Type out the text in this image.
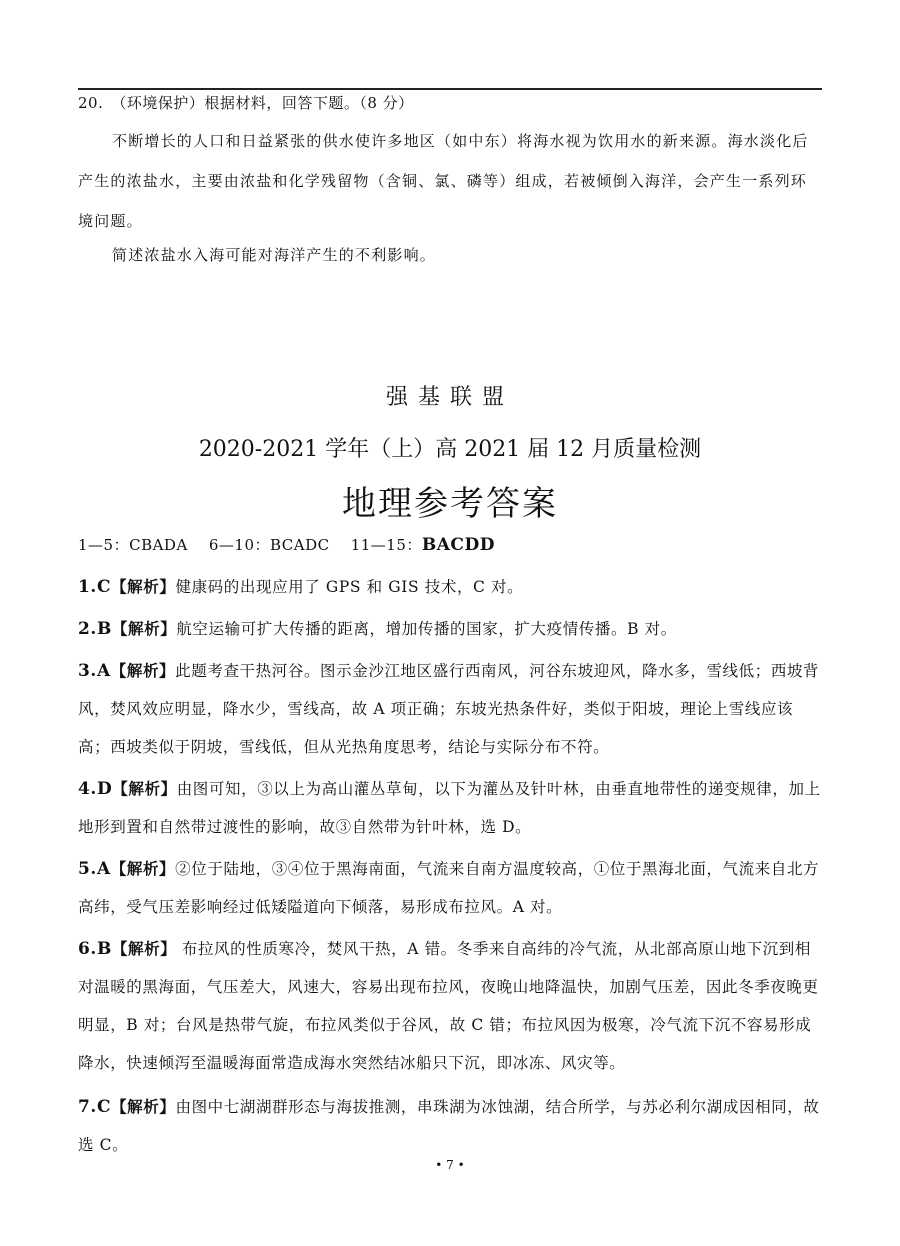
20.　（环境保护）根据材料，回答下题。（8 分）
不断增长的人口和日益紧张的供水使许多地区（如中东）将海水视为饮用水的新来源。海水淡化后产生的浓盐水，主要由浓盐和化学残留物（含铜、氯、磷等）组成，若被倾倒入海洋，会产生一系列环境问题。
简述浓盐水入海可能对海洋产生的不利影响。
强基联盟
2020-2021 学年（上）高 2021 届 12 月质量检测
地理参考答案
1—5：CBADA 6—10：BCADC 11—15：BACDD
1.C【解析】健康码的出现应用了 GPS 和 GIS 技术，C 对。
2.B【解析】航空运输可扩大传播的距离，增加传播的国家，扩大疫情传播。B 对。
3.A【解析】此题考查干热河谷。图示金沙江地区盛行西南风，河谷东坡迎风，降水多，雪线低；西坡背风，焚风效应明显，降水少，雪线高，故 A 项正确；东坡光热条件好，类似于阳坡，理论上雪线应该高；西坡类似于阴坡，雪线低，但从光热角度思考，结论与实际分布不符。
4.D【解析】由图可知，③以上为高山灌丛草甸，以下为灌丛及针叶林，由垂直地带性的递变规律，加上地形到置和自然带过渡性的影响，故③自然带为针叶林，选 D。
5.A【解析】②位于陆地，③④位于黑海南面，气流来自南方温度较高，①位于黑海北面，气流来自北方高纬，受气压差影响经过低矮隘道向下倾落，易形成布拉风。A 对。
6.B【解析】 布拉风的性质寒冷，焚风干热，A 错。冬季来自高纬的冷气流，从北部高原山地下沉到相对温暖的黑海面，气压差大，风速大，容易出现布拉风，夜晚山地降温快，加剧气压差，因此冬季夜晚更明显，B 对；台风是热带气旋，布拉风类似于谷风，故 C 错；布拉风因为极寒，冷气流下沉不容易形成降水，快速倾泻至温暖海面常造成海水突然结冰船只下沉，即冰冻、风灾等。
7.C【解析】由图中七湖湖群形态与海拔推测，串珠湖为冰蚀湖，结合所学，与苏必利尔湖成因相同，故选 C。
• 7 •
